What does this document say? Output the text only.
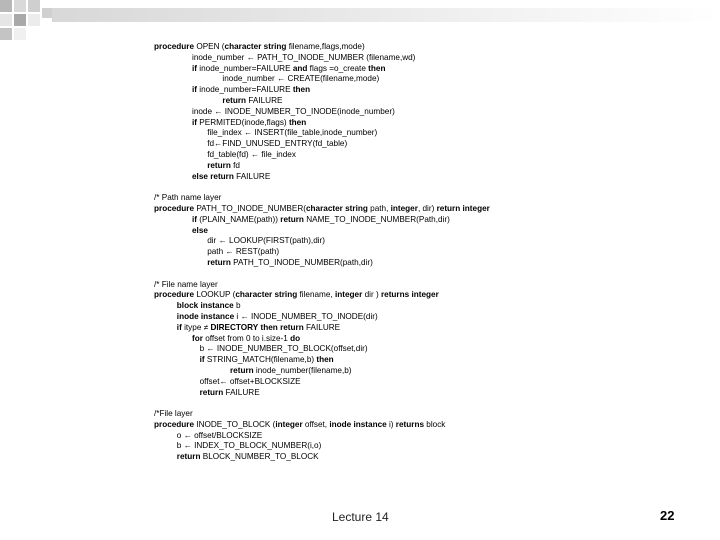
procedure OPEN (character string filename,flags,mode)
inode_number ← PATH_TO_INODE_NUMBER (filename,wd)
if inode_number=FAILURE and flags =o_create then
inode_number ← CREATE(filename,mode)
if inode_number=FAILURE then
return FAILURE
inode ← INODE_NUMBER_TO_INODE(inode_number)
if PERMITED(inode,flags) then
file_index ← INSERT(file_table,inode_number)
fd←FIND_UNUSED_ENTRY(fd_table)
fd_table(fd) ← file_index
return fd
else return FAILURE
/* Path name layer
procedure PATH_TO_INODE_NUMBER(character string path, integer, dir) return integer
if (PLAIN_NAME(path)) return NAME_TO_INODE_NUMBER(Path,dir)
else
dir ← LOOKUP(FIRST(path),dir)
path ← REST(path)
return PATH_TO_INODE_NUMBER(path,dir)
/* File name layer
procedure LOOKUP (character string filename, integer dir ) returns integer
block instance b
inode instance i ← INODE_NUMBER_TO_INODE(dir)
if itype ≠ DIRECTORY then return FAILURE
for offset from 0 to i.size-1 do
b ← INODE_NUMBER_TO_BLOCK(offset,dir)
if STRING_MATCH(filename,b) then
return inode_number(filename,b)
offset← offset+BLOCKSIZE
return FAILURE
/*File layer
procedure INODE_TO_BLOCK (integer offset, inode instance i) returns block
o ← offset/BLOCKSIZE
b ← INDEX_TO_BLOCK_NUMBER(i,o)
return BLOCK_NUMBER_TO_BLOCK
Lecture 14	22
